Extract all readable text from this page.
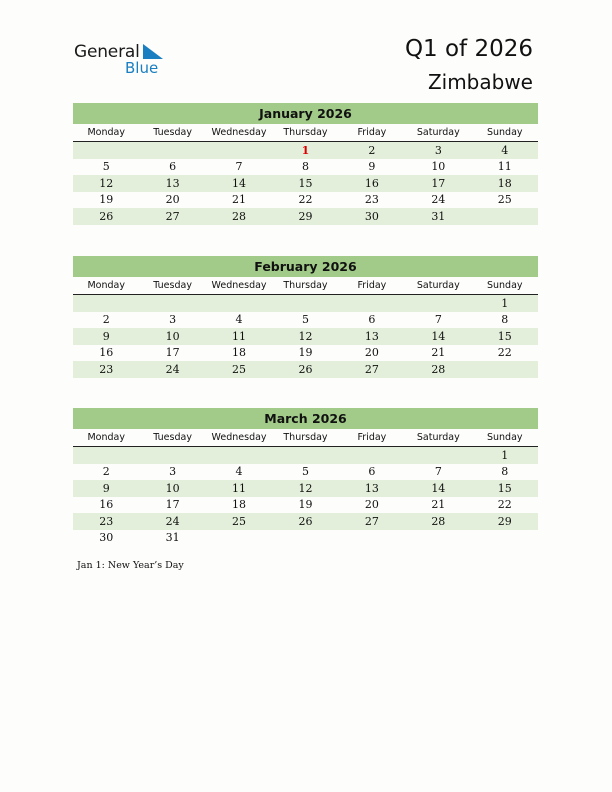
General
Blue
Q1 of 2026
Zimbabwe
January 2026
Monday	Tuesday	Wednesday	Thursday	Friday	Saturday	Sunday
			1	2	3	4
5	6	7	8	9	10	11
12	13	14	15	16	17	18
19	20	21	22	23	24	25
26	27	28	29	30	31	
February 2026
Monday	Tuesday	Wednesday	Thursday	Friday	Saturday	Sunday
						1
2	3	4	5	6	7	8
9	10	11	12	13	14	15
16	17	18	19	20	21	22
23	24	25	26	27	28	
March 2026
Monday	Tuesday	Wednesday	Thursday	Friday	Saturday	Sunday
						1
2	3	4	5	6	7	8
9	10	11	12	13	14	15
16	17	18	19	20	21	22
23	24	25	26	27	28	29
30	31					
Jan 1: New Year’s Day
